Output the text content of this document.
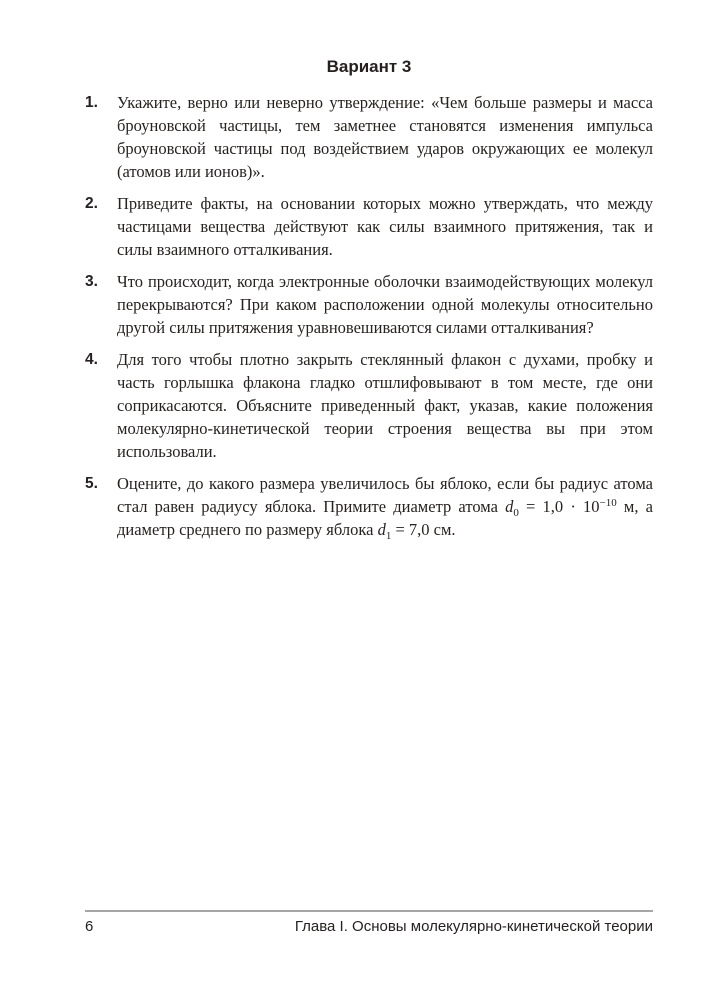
Вариант 3
1.	Укажите, верно или неверно утверждение: «Чем больше размеры и масса броуновской частицы, тем заметнее становятся изменения импульса броуновской частицы под воздействием ударов окружающих ее молекул (атомов или ионов)».
2.	Приведите факты, на основании которых можно утверждать, что между частицами вещества действуют как силы взаимного притяжения, так и силы взаимного отталкивания.
3.	Что происходит, когда электронные оболочки взаимодействующих молекул перекрываются? При каком расположении одной молекулы относительно другой силы притяжения уравновешиваются силами отталкивания?
4.	Для того чтобы плотно закрыть стеклянный флакон с духами, пробку и часть горлышка флакона гладко отшлифовывают в том месте, где они соприкасаются. Объясните приведенный факт, указав, какие положения молекулярно-кинетической теории строения вещества вы при этом использовали.
5.	Оцените, до какого размера увеличилось бы яблоко, если бы радиус атома стал равен радиусу яблока. Примите диаметр атома $d_0 = 1,0 \cdot 10^{-10}$ м, а диаметр среднего по размеру яблока $d_1 = 7,0$ см.
6	Глава I. Основы молекулярно-кинетической теории
